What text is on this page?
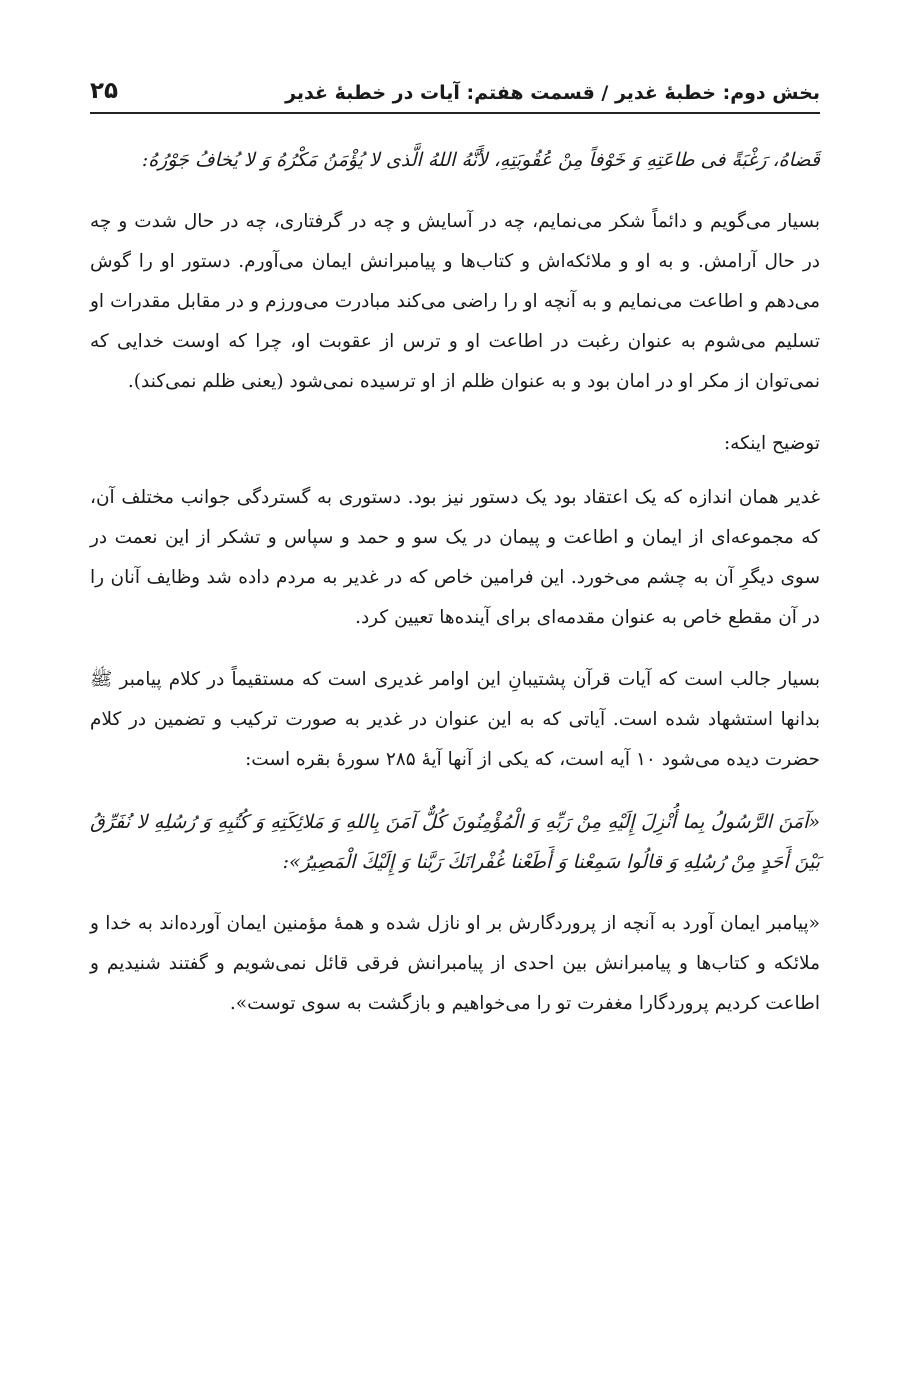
بخش دوم: خطبهٔ غدیر / قسمت هفتم: آیات در خطبهٔ غدیر
۲۵

قَضاهُ، رَغْبَةً فى طاعَتِهِ وَ خَوْفاً مِنْ عُقُوبَتِهِ، لأَنَّهُ اللهُ الَّذى لا يُؤْمَنُ مَكْرُهُ وَ لا يُخافُ جَوْرُهُ:

بسیار می‌گویم و دائماً شکر می‌نمایم، چه در آسایش و چه در گرفتاری، چه در حال شدت و چه در حال آرامش. و به او و ملائکه‌اش و کتاب‌ها و پیامبرانش ایمان می‌آورم. دستور او را گوش می‌دهم و اطاعت می‌نمایم و به آنچه او را راضی می‌کند مبادرت می‌ورزم و در مقابل مقدرات او تسلیم می‌شوم به عنوان رغبت در اطاعت او و ترس از عقوبت او، چرا که اوست خدایی که نمی‌توان از مکر او در امان بود و به عنوان ظلم از او ترسیده نمی‌شود (یعنی ظلم نمی‌کند).

توضیح اینکه:

غدیر همان اندازه که یک اعتقاد بود یک دستور نیز بود. دستوری به گستردگی جوانب مختلف آن، که مجموعه‌ای از ایمان و اطاعت و پیمان در یک سو و حمد و سپاس و تشکر از این نعمت در سوی دیگرِ آن به چشم می‌خورد. این فرامین خاص که در غدیر به مردم داده شد وظایف آنان را در آن مقطع خاص به عنوان مقدمه‌ای برای آینده‌ها تعیین کرد.

بسیار جالب است که آیات قرآن پشتیبانِ این اوامر غدیری است که مستقیماً در کلام پیامبر ﷺ بدانها استشهاد شده است. آیاتی که به این عنوان در غدیر به صورت ترکیب و تضمین در کلام حضرت دیده می‌شود ۱۰ آیه است، که یکی از آنها آیهٔ ۲۸۵ سورهٔ بقره است:

«آمَنَ الرَّسُولُ بِما أُنْزِلَ إِلَيْهِ مِنْ رَبِّهِ وَ الْمُؤْمِنُونَ كُلٌّ آمَنَ بِاللهِ وَ مَلائِكَتِهِ وَ كُتُبِهِ وَ رُسُلِهِ لا نُفَرِّقُ بَيْنَ أَحَدٍ مِنْ رُسُلِهِ وَ قالُوا سَمِعْنا وَ أَطَعْنا غُفْرانَكَ رَبَّنا وَ إِلَيْكَ الْمَصِيرُ»:

«پیامبر ایمان آورد به آنچه از پروردگارش بر او نازل شده و همهٔ مؤمنین ایمان آورده‌اند به خدا و ملائکه و کتاب‌ها و پیامبرانش بین احدی از پیامبرانش فرقی قائل نمی‌شویم و گفتند شنیدیم و اطاعت کردیم پروردگارا مغفرت تو را می‌خواهیم و بازگشت به سوی توست».
